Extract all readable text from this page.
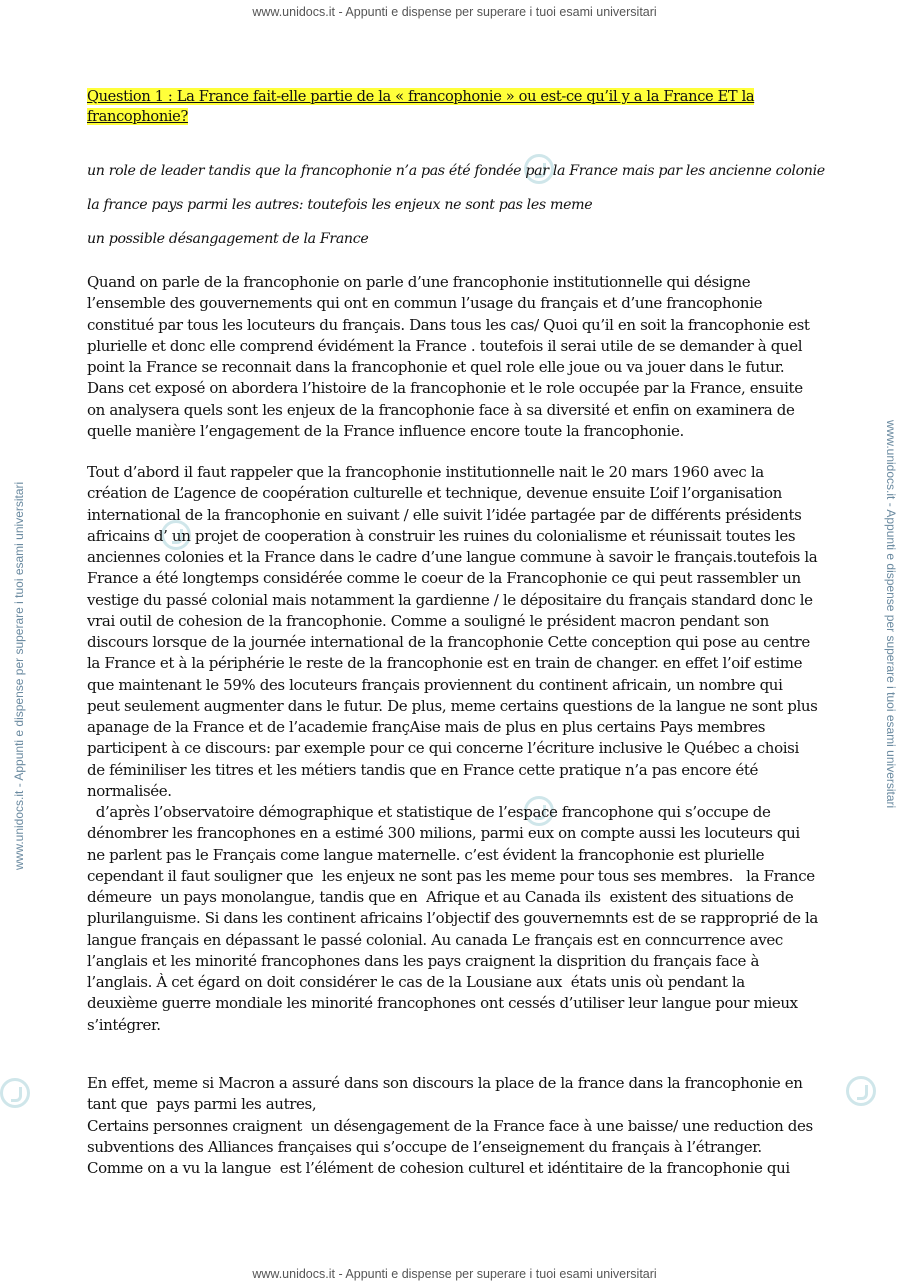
www.unidocs.it - Appunti e dispense per superare i tuoi esami universitari
www.unidocs.it - Appunti e dispense per superare i tuoi esami universitari
www.unidocs.it - Appunti e dispense per superare i tuoi esami universitari	www.unidocs.it - Appunti e dispense per superare i tuoi esami universitari
Question 1 : La France fait-elle partie de la « francophonie » ou est-ce qu’il y a la France ET la
francophonie?
un role de leader tandis que la francophonie n’a pas été fondée par la France mais par les ancienne colonie
la france pays parmi les autres: toutefois les enjeux ne sont pas les meme
un possible désangagement de la France
Quand on parle de la francophonie on parle d’une francophonie institutionnelle qui désigne
l’ensemble des gouvernements qui ont en commun l’usage du français et d’une francophonie
constitué par tous les locuteurs du français. Dans tous les cas/ Quoi qu’il en soit la francophonie est
plurielle et donc elle comprend évidément la France . toutefois il serai utile de se demander à quel
point la France se reconnait dans la francophonie et quel role elle joue ou va jouer dans le futur.
Dans cet exposé on abordera l’histoire de la francophonie et le role occupée par la France, ensuite
on analysera quels sont les enjeux de la francophonie face à sa diversité et enfin on examinera de
quelle manière l’engagement de la France influence encore toute la francophonie.
Tout d’abord il faut rappeler que la francophonie institutionnelle nait le 20 mars 1960 avec la
création de L’agence de coopération culturelle et technique, devenue ensuite L’oif l’organisation
international de la francophonie en suivant / elle suivit l’idée partagée par de différents présidents
africains d’ un projet de cooperation à construir les ruines du colonialisme et réunissait toutes les
anciennes colonies et la France dans le cadre d’une langue commune à savoir le français.toutefois la
France a été longtemps considérée comme le coeur de la Francophonie ce qui peut rassembler un
vestige du passé colonial mais notamment la gardienne / le dépositaire du français standard donc le
vrai outil de cohesion de la francophonie. Comme a souligné le président macron pendant son
discours lorsque de la journée international de la francophonie Cette conception qui pose au centre
la France et à la périphérie le reste de la francophonie est en train de changer. en effet l’oif estime
que maintenant le 59% des locuteurs français proviennent du continent africain, un nombre qui
peut seulement augmenter dans le futur. De plus, meme certains questions de la langue ne sont plus
apanage de la France et de l’academie françAise mais de plus en plus certains Pays membres
participent à ce discours: par exemple pour ce qui concerne l’écriture inclusive le Québec a choisi
de féminiliser les titres et les métiers tandis que en France cette pratique n’a pas encore été
normalisée.
d’après l’observatoire démographique et statistique de l’espace francophone qui s’occupe de
dénombrer les francophones en a estimé 300 milions, parmi eux on compte aussi les locuteurs qui
ne parlent pas le Français come langue maternelle. c’est évident la francophonie est plurielle
cependant il faut souligner que  les enjeux ne sont pas les meme pour tous ses membres.   la France
démeure  un pays monolangue, tandis que en  Afrique et au Canada ils  existent des situations de
plurilanguisme. Si dans les continent africains l’objectif des gouvernemnts est de se rapproprié de la
langue français en dépassant le passé colonial. Au canada Le français est en conncurrence avec
l’anglais et les minorité francophones dans les pays craignent la disprition du français face à
l’anglais. À cet égard on doit considérer le cas de la Lousiane aux  états unis où pendant la
deuxième guerre mondiale les minorité francophones ont cessés d’utiliser leur langue pour mieux
s’intégrer.
En effet, meme si Macron a assuré dans son discours la place de la france dans la francophonie en
tant que  pays parmi les autres,
Certains personnes craignent  un désengagement de la France face à une baisse/ une reduction des
subventions des Alliances françaises qui s’occupe de l’enseignement du français à l’étranger.
Comme on a vu la langue  est l’élément de cohesion culturel et idéntitaire de la francophonie qui
